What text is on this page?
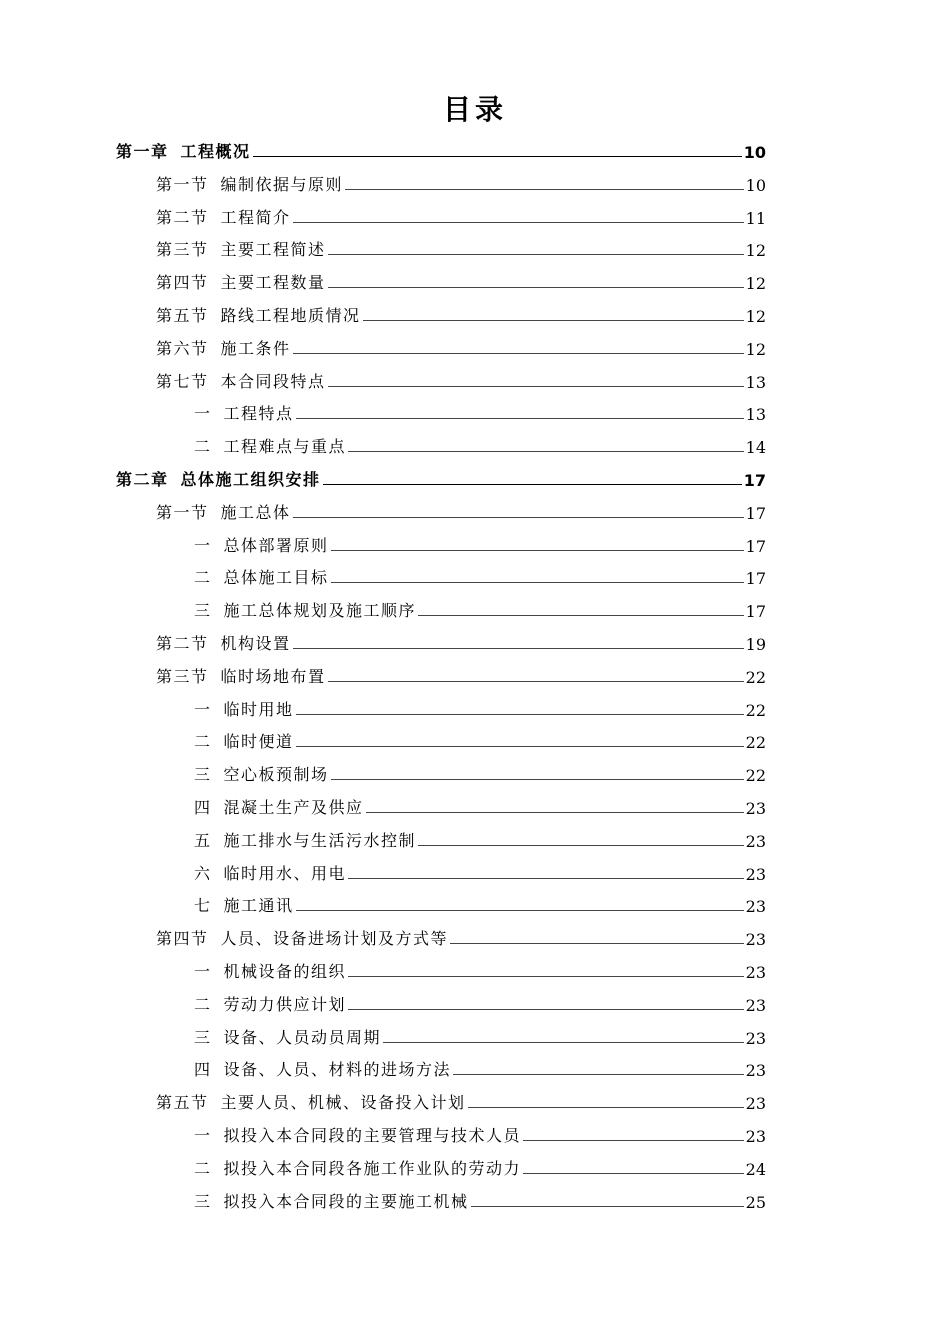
目录
第一章 工程概况	10
第一节 编制依据与原则	10
第二节 工程简介	11
第三节 主要工程简述	12
第四节 主要工程数量	12
第五节 路线工程地质情况	12
第六节 施工条件	12
第七节 本合同段特点	13
一 工程特点	13
二 工程难点与重点	14
第二章 总体施工组织安排	17
第一节 施工总体	17
一 总体部署原则	17
二 总体施工目标	17
三 施工总体规划及施工顺序	17
第二节 机构设置	19
第三节 临时场地布置	22
一 临时用地	22
二 临时便道	22
三 空心板预制场	22
四 混凝土生产及供应	23
五 施工排水与生活污水控制	23
六 临时用水、用电	23
七 施工通讯	23
第四节 人员、设备进场计划及方式等	23
一 机械设备的组织	23
二 劳动力供应计划	23
三 设备、人员动员周期	23
四 设备、人员、材料的进场方法	23
第五节 主要人员、机械、设备投入计划	23
一 拟投入本合同段的主要管理与技术人员	23
二 拟投入本合同段各施工作业队的劳动力	24
三 拟投入本合同段的主要施工机械	25
